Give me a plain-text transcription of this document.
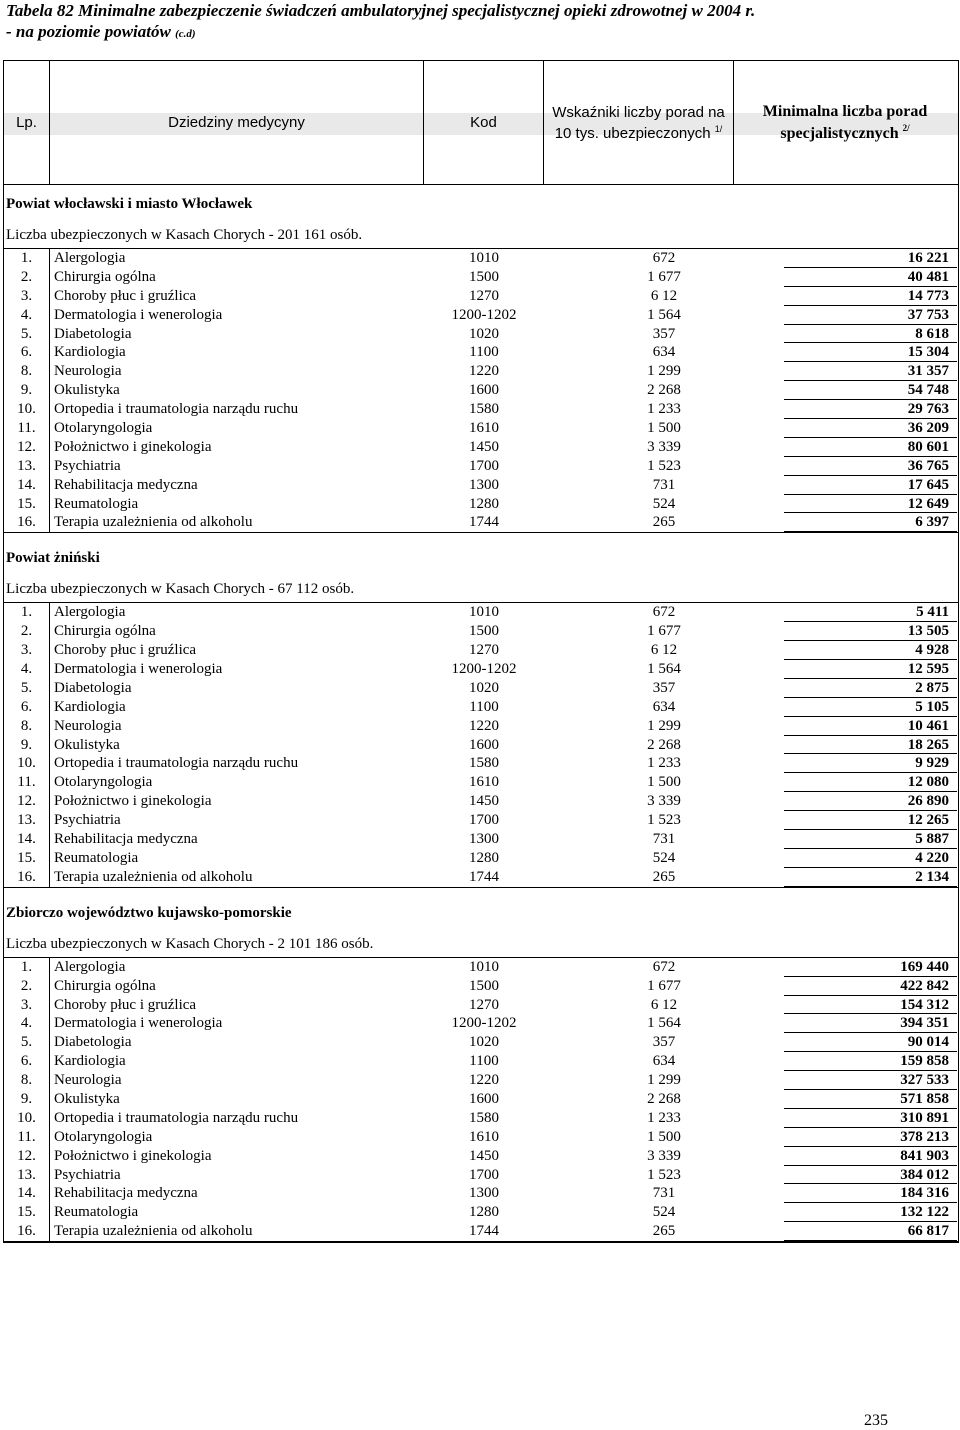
Tabela 82 Minimalne zabezpieczenie świadczeń ambulatoryjnej specjalistycznej opieki zdrowotnej w 2004 r.
- na poziomie powiatów (c.d)
Lp.	Dziedziny medycyny	Kod
Wskaźniki liczby porad na 10 tys. ubezpieczonych $^{1/}$
Minimalna liczba porad specjalistycznych $^{2/}$
Powiat włocławski i miasto Włocławek
Liczba ubezpieczonych w Kasach Chorych - 201 161 osób.
1.	Alergologia	1010	672	16 221
2.	Chirurgia ogólna	1500	1 677	40 481
3.	Choroby płuc i gruźlica	1270	6 12	14 773
4.	Dermatologia i wenerologia	1200-1202	1 564	37 753
5.	Diabetologia	1020	357	8 618
6.	Kardiologia	1100	634	15 304
8.	Neurologia	1220	1 299	31 357
9.	Okulistyka	1600	2 268	54 748
10.	Ortopedia i traumatologia narządu ruchu	1580	1 233	29 763
11.	Otolaryngologia	1610	1 500	36 209
12.	Położnictwo i ginekologia	1450	3 339	80 601
13.	Psychiatria	1700	1 523	36 765
14.	Rehabilitacja medyczna	1300	731	17 645
15.	Reumatologia	1280	524	12 649
16.	Terapia uzależnienia od alkoholu	1744	265	6 397
Powiat żniński
Liczba ubezpieczonych w Kasach Chorych - 67 112 osób.
1.	Alergologia	1010	672	5 411
2.	Chirurgia ogólna	1500	1 677	13 505
3.	Choroby płuc i gruźlica	1270	6 12	4 928
4.	Dermatologia i wenerologia	1200-1202	1 564	12 595
5.	Diabetologia	1020	357	2 875
6.	Kardiologia	1100	634	5 105
8.	Neurologia	1220	1 299	10 461
9.	Okulistyka	1600	2 268	18 265
10.	Ortopedia i traumatologia narządu ruchu	1580	1 233	9 929
11.	Otolaryngologia	1610	1 500	12 080
12.	Położnictwo i ginekologia	1450	3 339	26 890
13.	Psychiatria	1700	1 523	12 265
14.	Rehabilitacja medyczna	1300	731	5 887
15.	Reumatologia	1280	524	4 220
16.	Terapia uzależnienia od alkoholu	1744	265	2 134
Zbiorczo województwo kujawsko-pomorskie
Liczba ubezpieczonych w Kasach Chorych - 2 101 186 osób.
1.	Alergologia	1010	672	169 440
2.	Chirurgia ogólna	1500	1 677	422 842
3.	Choroby płuc i gruźlica	1270	6 12	154 312
4.	Dermatologia i wenerologia	1200-1202	1 564	394 351
5.	Diabetologia	1020	357	90 014
6.	Kardiologia	1100	634	159 858
8.	Neurologia	1220	1 299	327 533
9.	Okulistyka	1600	2 268	571 858
10.	Ortopedia i traumatologia narządu ruchu	1580	1 233	310 891
11.	Otolaryngologia	1610	1 500	378 213
12.	Położnictwo i ginekologia	1450	3 339	841 903
13.	Psychiatria	1700	1 523	384 012
14.	Rehabilitacja medyczna	1300	731	184 316
15.	Reumatologia	1280	524	132 122
16.	Terapia uzależnienia od alkoholu	1744	265	66 817
235
